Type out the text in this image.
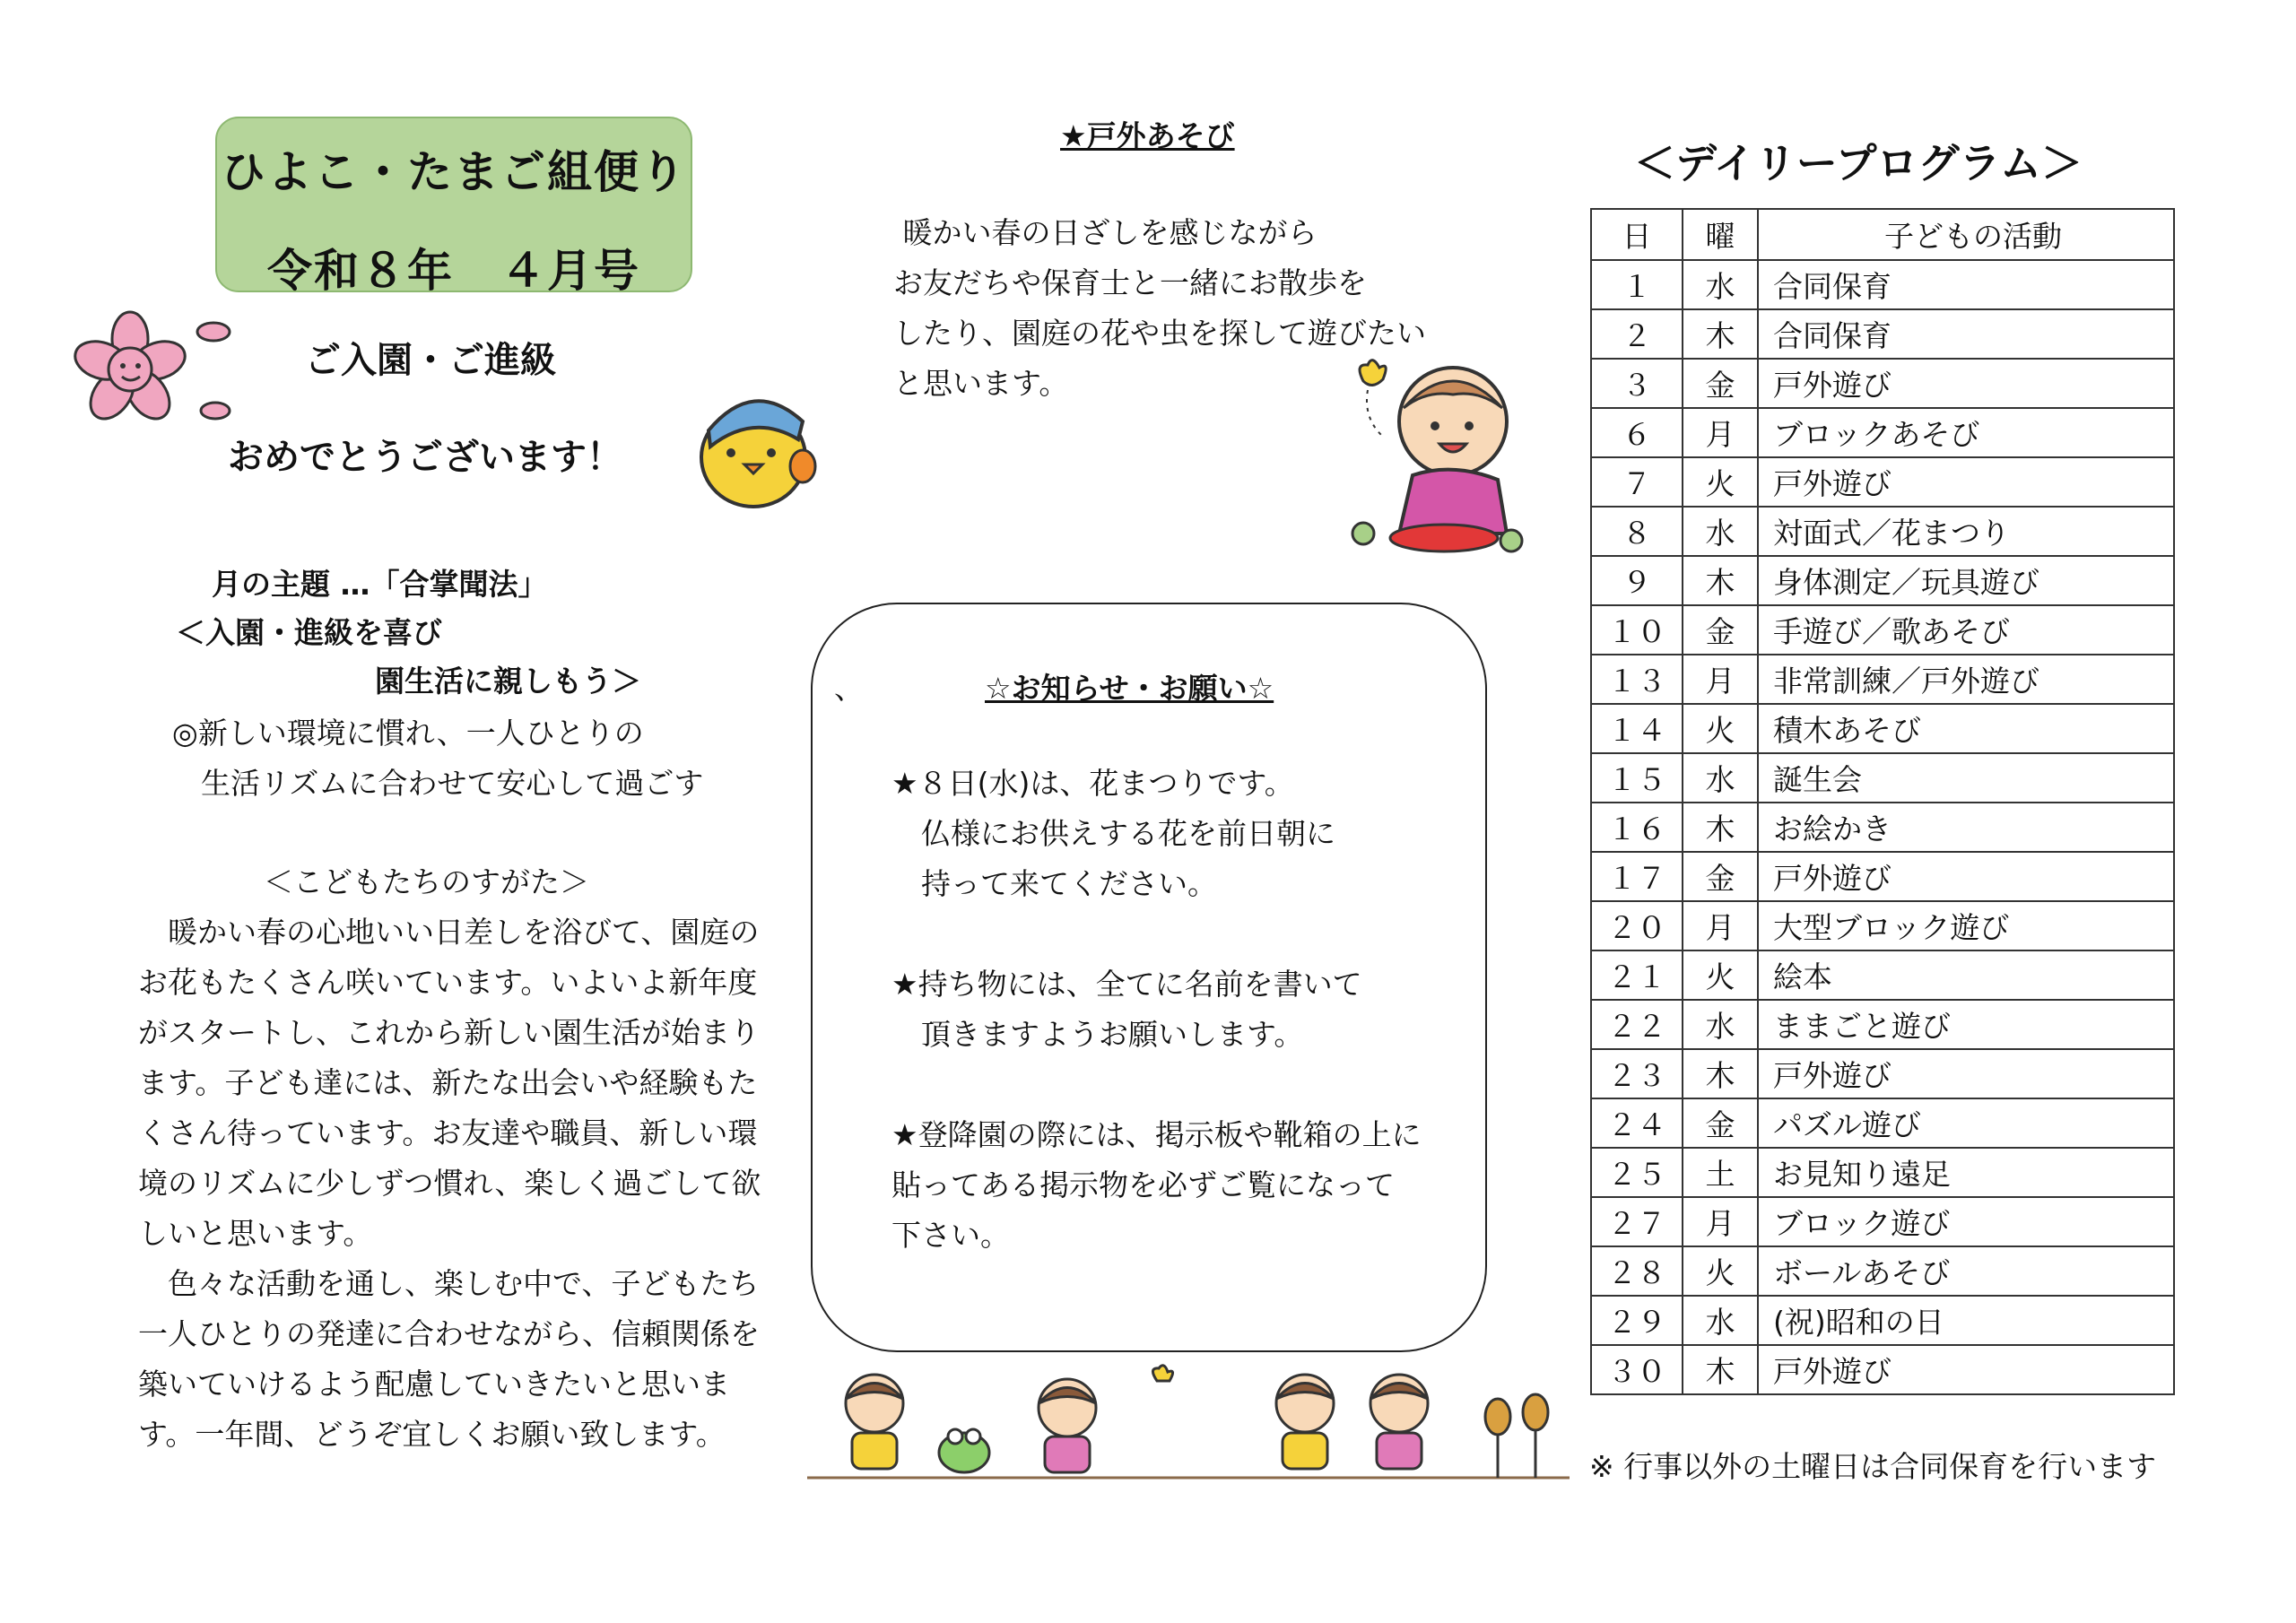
ひよこ・たまご組便り
令和８年　４月号
ご入園・ご進級
おめでとうございます！
月の主題 …「合掌聞法」
＜入園・進級を喜び
園生活に親しもう＞
◎新しい環境に慣れ、一人ひとりの
生活リズムに合わせて安心して過ごす
＜こどもたちのすがた＞
　暖かい春の心地いい日差しを浴びて、園庭の
お花もたくさん咲いています。いよいよ新年度
がスタートし、これから新しい園生活が始まり
ます。子ども達には、新たな出会いや経験もた
くさん待っています。お友達や職員、新しい環
境のリズムに少しずつ慣れ、楽しく過ごして欲
しいと思います。
　色々な活動を通し、楽しむ中で、子どもたち
一人ひとりの発達に合わせながら、信頼関係を
築いていけるよう配慮していきたいと思いま
す。一年間、どうぞ宜しくお願い致します。
★戸外あそび
暖かい春の日ざしを感じながら
お友だちや保育士と一緒にお散歩を
したり、園庭の花や虫を探して遊びたい
と思います。
、	☆お知らせ・お願い☆
★８日(水)は、花まつりです。
　仏様にお供えする花を前日朝に
　持って来てください。

★持ち物には、全てに名前を書いて
　頂きますようお願いします。

★登降園の際には、掲示板や靴箱の上に
貼ってある掲示物を必ずご覧になって
下さい。
＜デイリープログラム＞
日	曜	子どもの活動
１	水	合同保育
２	木	合同保育
３	金	戸外遊び
６	月	ブロックあそび
７	火	戸外遊び
８	水	対面式／花まつり
９	木	身体測定／玩具遊び
１０	金	手遊び／歌あそび
１３	月	非常訓練／戸外遊び
１４	火	積木あそび
１５	水	誕生会
１６	木	お絵かき
１７	金	戸外遊び
２０	月	大型ブロック遊び
２１	火	絵本
２２	水	ままごと遊び
２３	木	戸外遊び
２４	金	パズル遊び
２５	土	お見知り遠足
２７	月	ブロック遊び
２８	火	ボールあそび
２９	水	(祝)昭和の日
３０	木	戸外遊び
※ 行事以外の土曜日は合同保育を行います
